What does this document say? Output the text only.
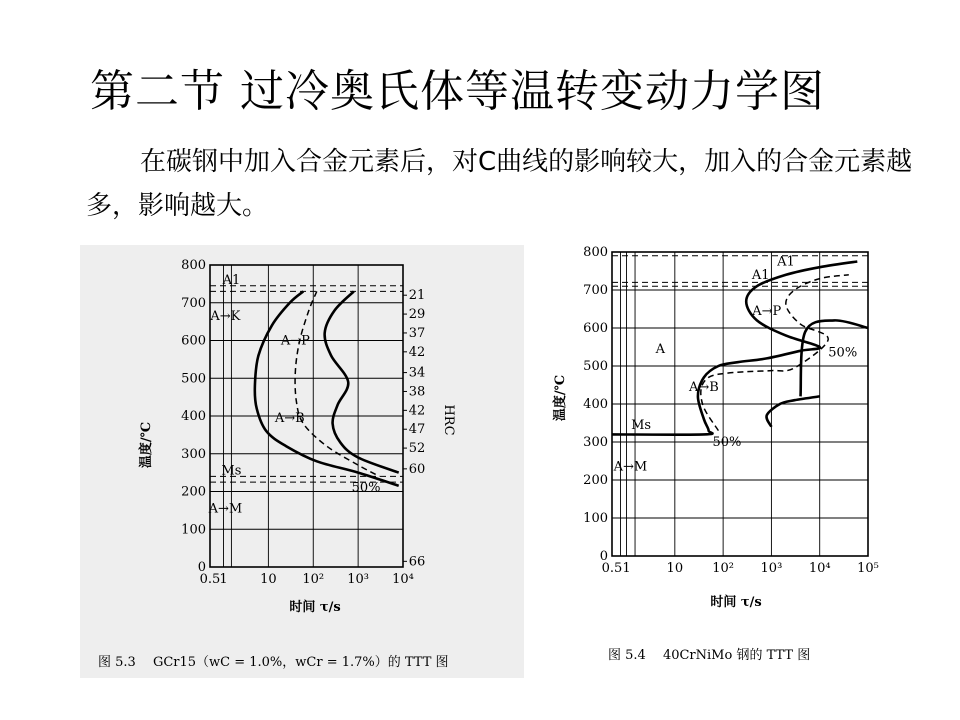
第二节 过冷奥氏体等温转变动力学图
在碳钢中加入合金元素后，对C曲线的影响较大，加入的合金元素越多，影响越大。
温度/℃
时间 τ/s
HRC
0
100
200
300
400
500
600
700
800
0.5 1 10 10² 10³ 10⁴
21
29
37
42
34
38
42
47
52
60
66
A1
A→K
A→P
A→B
Ms
A→M
50%
图 5.3　 GCr15（wC = 1.0%，wCr = 1.7%）的 TTT 图
温度/℃
时间 τ/s
0
100
200
300
400
500
600
700
800
0.5 1	10 10² 10³ 10⁴ 10⁵
A1
A1
A→P
50%
A
A→B
Ms
50%
A→M
图 5.4　 40CrNiMo 钢的 TTT 图
